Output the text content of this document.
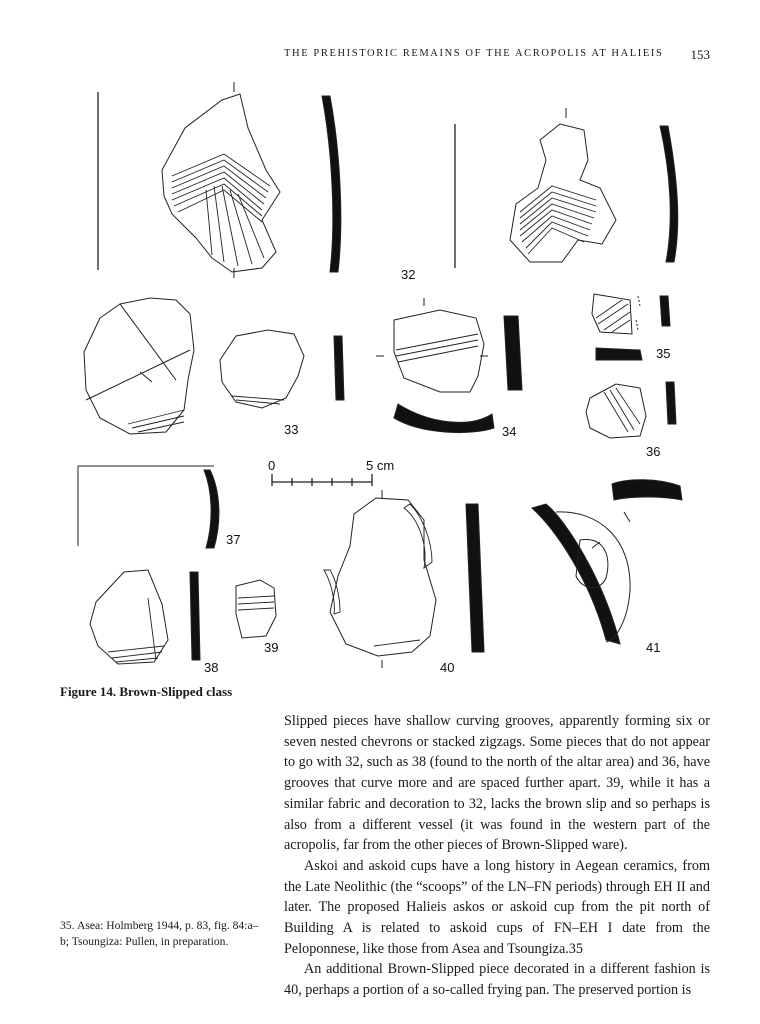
THE PREHISTORIC REMAINS OF THE ACROPOLIS AT HALIEIS 153
32
33	34
35
36
37
38
39
40
41
0	5 cm
Figure 14. Brown-Slipped class

Slipped pieces have shallow curving grooves, apparently forming six or seven nested chevrons or stacked zigzags. Some pieces that do not appear to go with 32, such as 38 (found to the north of the altar area) and 36, have grooves that curve more and are spaced further apart. 39, while it has a similar fabric and decoration to 32, lacks the brown slip and so perhaps is also from a different vessel (it was found in the western part of the acropolis, far from the other pieces of Brown-Slipped ware).

Askoi and askoid cups have a long history in Aegean ceramics, from the Late Neolithic (the “scoops” of the LN–FN periods) through EH II and later. The proposed Halieis askos or askoid cup from the pit north of Building A is related to askoid cups of FN–EH I date from the Peloponnese, like those from Asea and Tsoungiza.35

An additional Brown-Slipped piece decorated in a different fashion is 40, perhaps a portion of a so-called frying pan. The preserved portion is

35. Asea: Holmberg 1944, p. 83, fig. 84:a–b; Tsoungiza: Pullen, in preparation.
